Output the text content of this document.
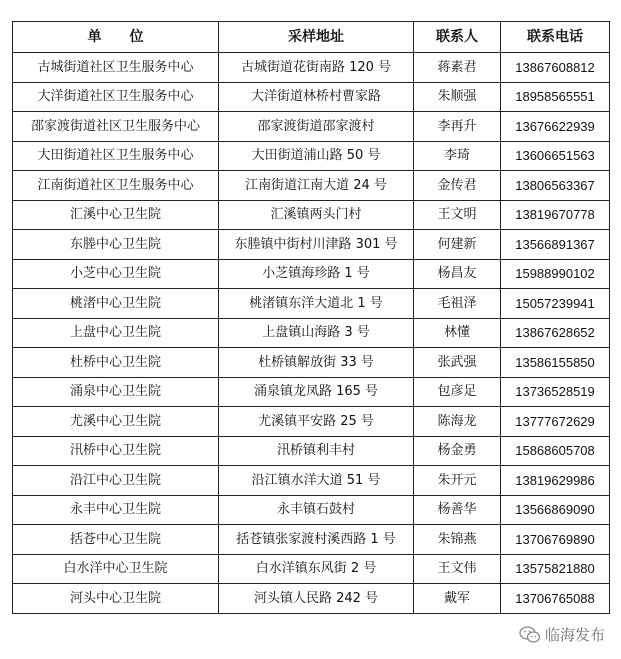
单　　位	采样地址	联系人	联系电话
古城街道社区卫生服务中心	古城街道花街南路 120 号	蒋素君	13867608812
大洋街道社区卫生服务中心	大洋街道林桥村曹家路	朱顺强	18958565551
邵家渡街道社区卫生服务中心	邵家渡街道邵家渡村	李再升	13676622939
大田街道社区卫生服务中心	大田街道浦山路 50 号	李琦	13606651563
江南街道社区卫生服务中心	江南街道江南大道 24 号	金传君	13806563367
汇溪中心卫生院	汇溪镇两头门村	王文明	13819670778
东塍中心卫生院	东塍镇中街村川津路 301 号	何建新	13566891367
小芝中心卫生院	小芝镇海珍路 1 号	杨昌友	15988990102
桃渚中心卫生院	桃渚镇东洋大道北 1 号	毛祖泽	15057239941
上盘中心卫生院	上盘镇山海路 3 号	林懂	13867628652
杜桥中心卫生院	杜桥镇解放街 33 号	张武强	13586155850
涌泉中心卫生院	涌泉镇龙凤路 165 号	包彦足	13736528519
尤溪中心卫生院	尤溪镇平安路 25 号	陈海龙	13777672629
汛桥中心卫生院	汛桥镇利丰村	杨金勇	15868605708
沿江中心卫生院	沿江镇水洋大道 51 号	朱开元	13819629986
永丰中心卫生院	永丰镇石鼓村	杨善华	13566869090
括苍中心卫生院	括苍镇张家渡村溪西路 1 号	朱锦燕	13706769890
白水洋中心卫生院	白水洋镇东风街 2 号	王文伟	13575821880
河头中心卫生院	河头镇人民路 242 号	戴军	13706765088
临海发布
